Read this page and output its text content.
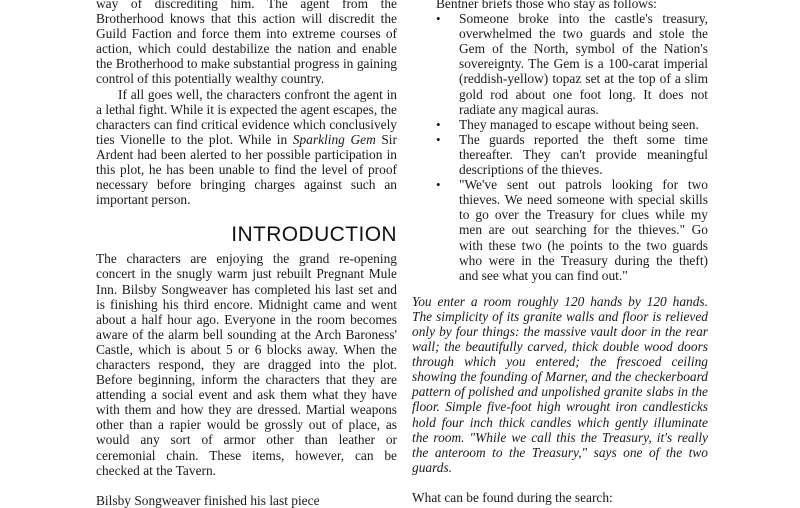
way of discrediting him. The agent from the Brotherhood knows that this action will discredit the Guild Faction and force them into extreme courses of action, which could destabilize the nation and enable the Brotherhood to make substantial progress in gaining control of this potentially wealthy country.

If all goes well, the characters confront the agent in a lethal fight. While it is expected the agent escapes, the characters can find critical evidence which conclusively ties Vionelle to the plot. While in Sparkling Gem Sir Ardent had been alerted to her possible participation in this plot, he has been unable to find the level of proof necessary before bringing charges against such an important person.

INTRODUCTION

The characters are enjoying the grand re-opening concert in the snugly warm just rebuilt Pregnant Mule Inn. Bilsby Songweaver has completed his last set and is finishing his third encore. Midnight came and went about a half hour ago. Everyone in the room becomes aware of the alarm bell sounding at the Arch Baroness' Castle, which is about 5 or 6 blocks away. When the characters respond, they are dragged into the plot. Before beginning, inform the characters that they are attending a social event and ask them what they have with them and how they are dressed. Martial weapons other than a rapier would be grossly out of place, as would any sort of armor other than leather or ceremonial chain. These items, however, can be checked at the Tavern.

Bilsby Songweaver finished his last piece

Bentner briefs those who stay as follows:

•	Someone broke into the castle's treasury, overwhelmed the two guards and stole the Gem of the North, symbol of the Nation's sovereignty. The Gem is a 100-carat imperial (reddish-yellow) topaz set at the top of a slim gold rod about one foot long. It does not radiate any magical auras.
•	They managed to escape without being seen.
•	The guards reported the theft some time thereafter. They can't provide meaningful descriptions of the thieves.
•	"We've sent out patrols looking for two thieves. We need someone with special skills to go over the Treasury for clues while my men are out searching for the thieves." Go with these two (he points to the two guards who were in the Treasury during the theft) and see what you can find out."

You enter a room roughly 120 hands by 120 hands. The simplicity of its granite walls and floor is relieved only by four things: the massive vault door in the rear wall; the beautifully carved, thick double wood doors through which you entered; the frescoed ceiling showing the founding of Marner, and the checkerboard pattern of polished and unpolished granite slabs in the floor. Simple five-foot high wrought iron candlesticks hold four inch thick candles which gently illuminate the room. "While we call this the Treasury, it's really the anteroom to the Treasury," says one of the two guards.

What can be found during the search:
